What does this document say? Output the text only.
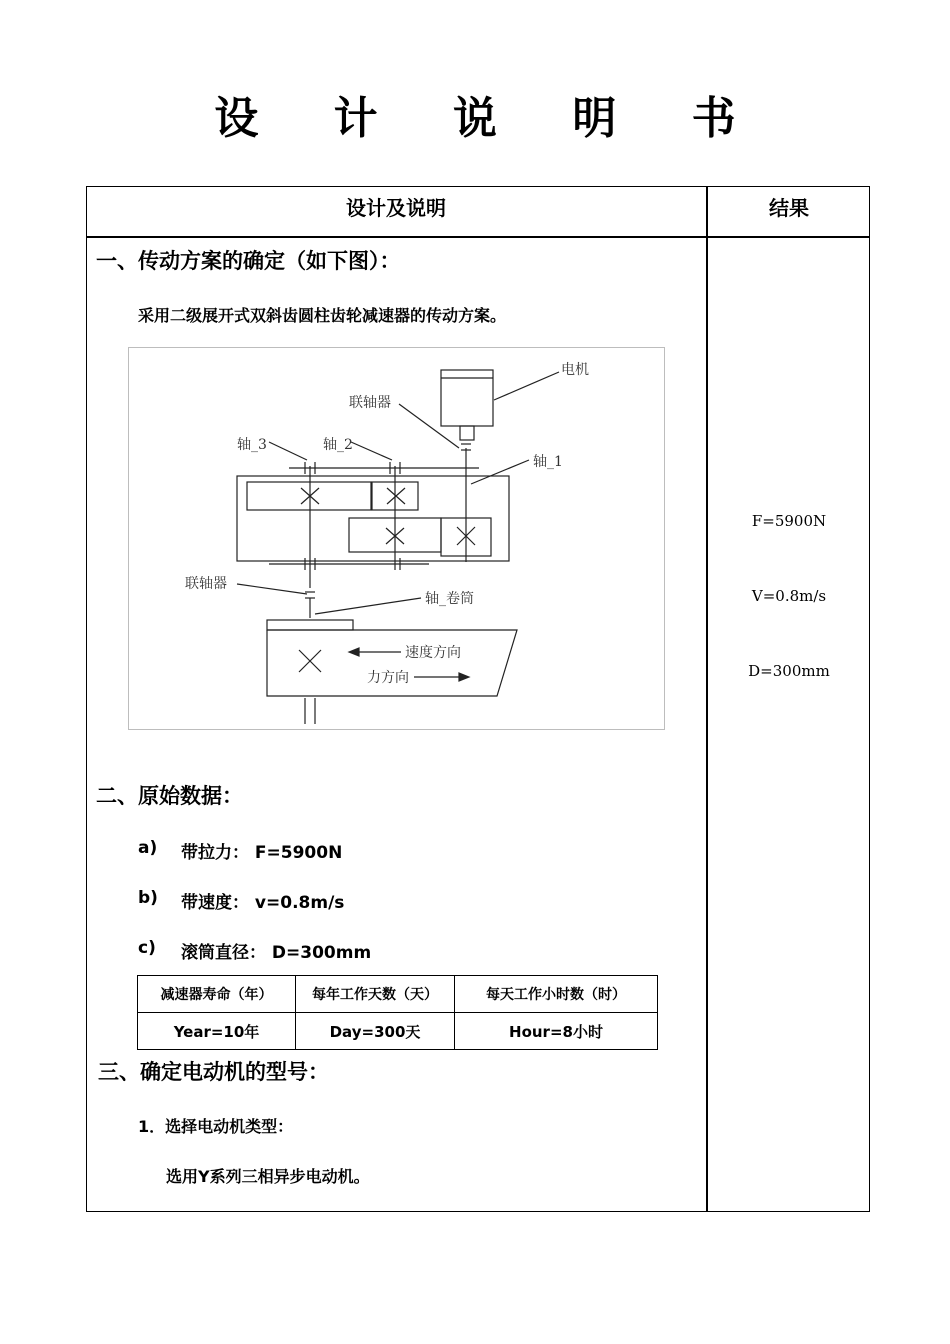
设 计 说 明 书
设计及说明	结果
一、传动方案的确定（如下图）：
采用二级展开式双斜齿圆柱齿轮减速器的传动方案。
电机
联轴器
轴_3	轴_2
轴_1
联轴器
轴_卷筒
速度方向
力方向
二、原始数据：
a) 带拉力： F=5900N
b) 带速度： v=0.8m/s
c) 滚筒直径： D=300mm
减速器寿命（年）	每年工作天数（天）	每天工作小时数（时）
Year=10年	Day=300天	Hour=8小时
三、确定电动机的型号：
1．选择电动机类型：
选用Y系列三相异步电动机。
F=5900N
V=0.8m/s
D=300mm
